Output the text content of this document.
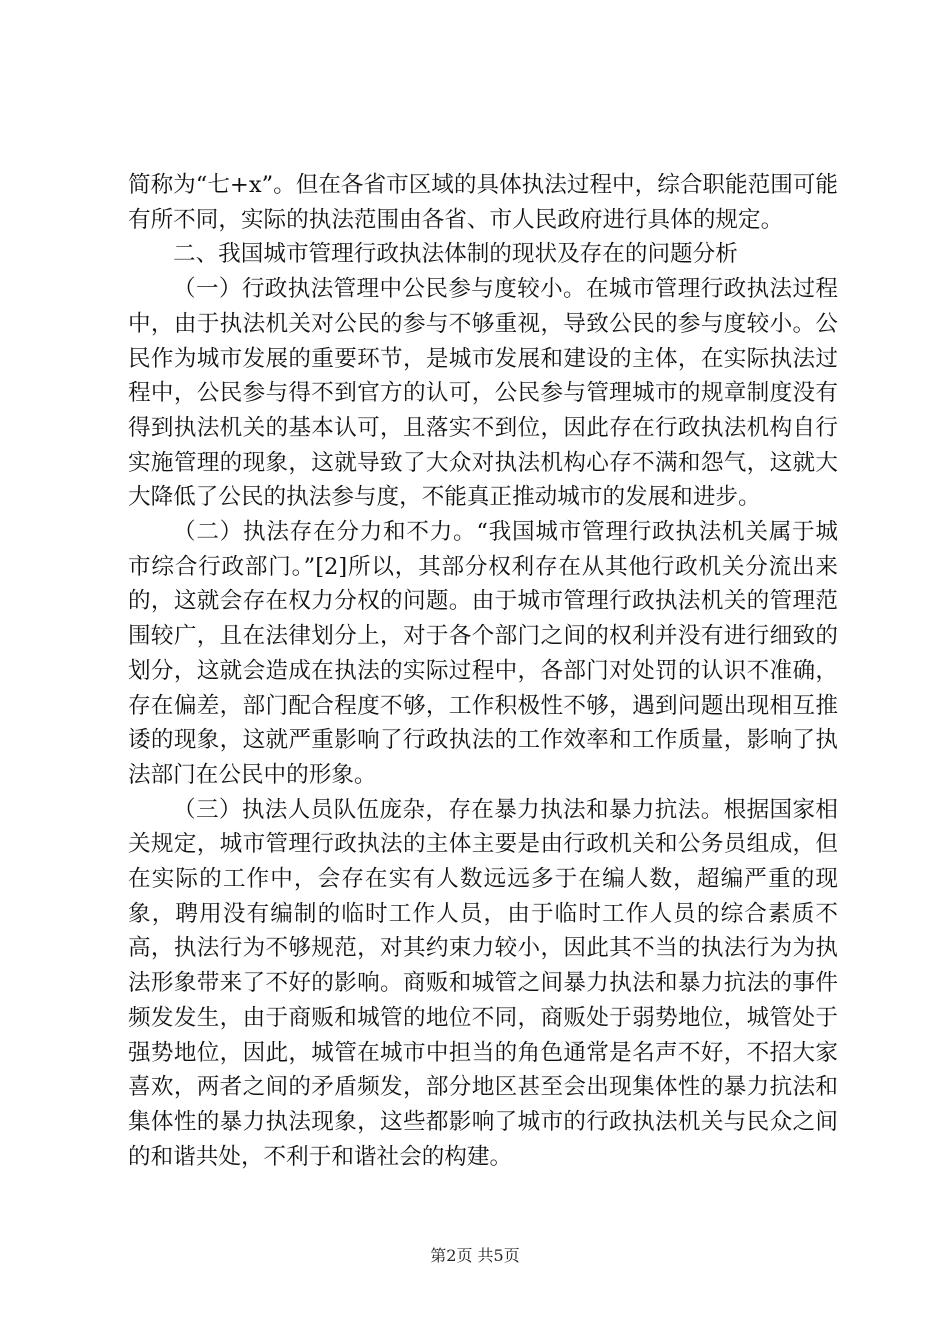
简称为“七+x”。但在各省市区域的具体执法过程中，综合职能范围可能有所不同，实际的执法范围由各省、市人民政府进行具体的规定。

二、我国城市管理行政执法体制的现状及存在的问题分析

（一）行政执法管理中公民参与度较小。在城市管理行政执法过程中，由于执法机关对公民的参与不够重视，导致公民的参与度较小。公民作为城市发展的重要环节，是城市发展和建设的主体，在实际执法过程中，公民参与得不到官方的认可，公民参与管理城市的规章制度没有得到执法机关的基本认可，且落实不到位，因此存在行政执法机构自行实施管理的现象，这就导致了大众对执法机构心存不满和怨气，这就大大降低了公民的执法参与度，不能真正推动城市的发展和进步。

（二）执法存在分力和不力。“我国城市管理行政执法机关属于城市综合行政部门。”[2]所以，其部分权利存在从其他行政机关分流出来的，这就会存在权力分权的问题。由于城市管理行政执法机关的管理范围较广，且在法律划分上，对于各个部门之间的权利并没有进行细致的划分，这就会造成在执法的实际过程中，各部门对处罚的认识不准确，存在偏差，部门配合程度不够，工作积极性不够，遇到问题出现相互推诿的现象，这就严重影响了行政执法的工作效率和工作质量，影响了执法部门在公民中的形象。

（三）执法人员队伍庞杂，存在暴力执法和暴力抗法。根据国家相关规定，城市管理行政执法的主体主要是由行政机关和公务员组成，但在实际的工作中，会存在实有人数远远多于在编人数，超编严重的现象，聘用没有编制的临时工作人员，由于临时工作人员的综合素质不高，执法行为不够规范，对其约束力较小，因此其不当的执法行为为执法形象带来了不好的影响。商贩和城管之间暴力执法和暴力抗法的事件频发发生，由于商贩和城管的地位不同，商贩处于弱势地位，城管处于强势地位，因此，城管在城市中担当的角色通常是名声不好，不招大家喜欢，两者之间的矛盾频发，部分地区甚至会出现集体性的暴力抗法和集体性的暴力执法现象，这些都影响了城市的行政执法机关与民众之间的和谐共处，不利于和谐社会的构建。

第2页 共5页
